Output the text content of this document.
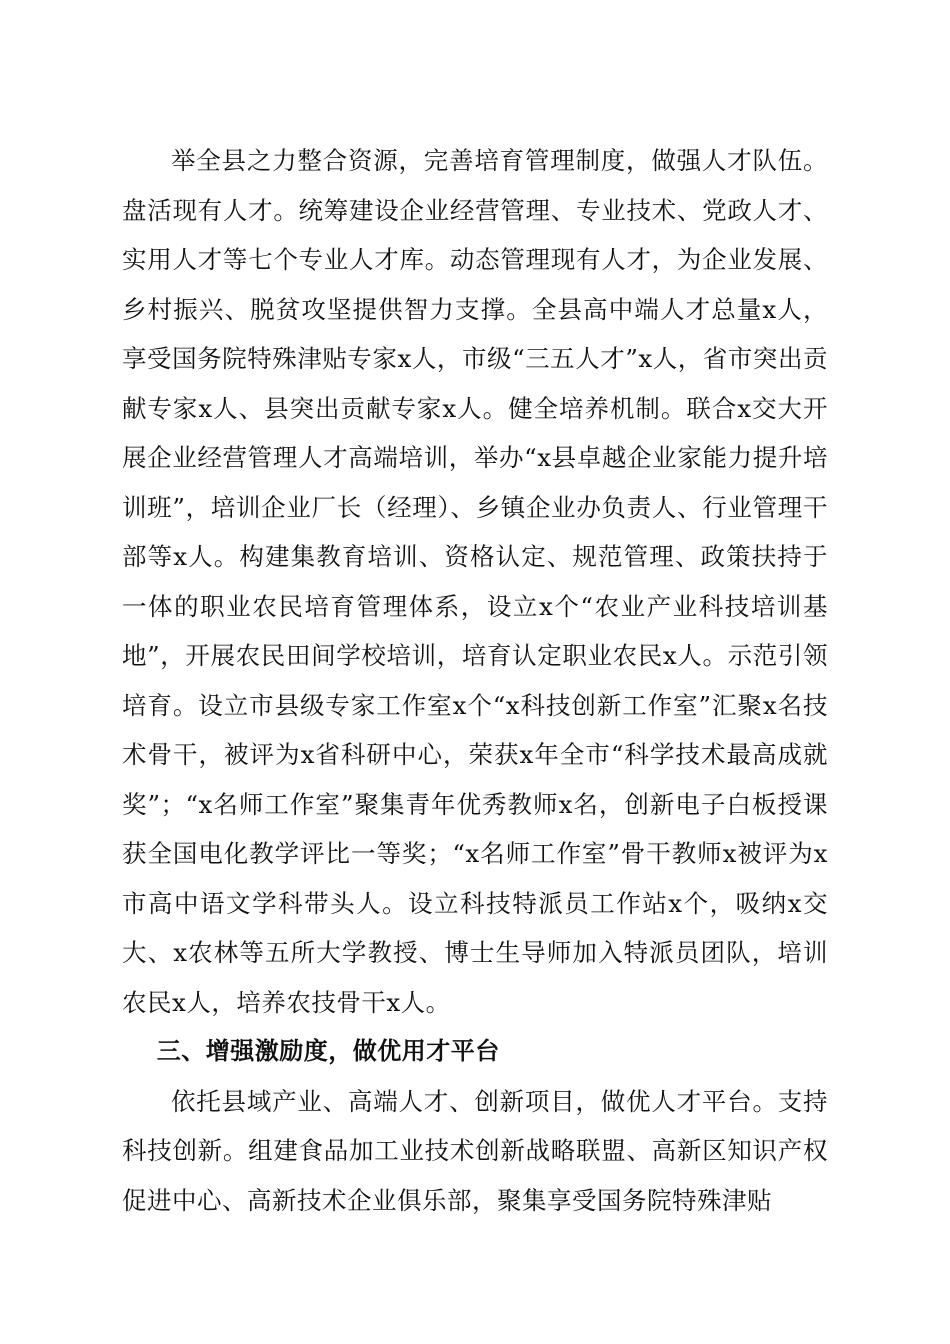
举全县之力整合资源，完善培育管理制度，做强人才队伍。盘活现有人才。统筹建设企业经营管理、专业技术、党政人才、实用人才等七个专业人才库。动态管理现有人才，为企业发展、乡村振兴、脱贫攻坚提供智力支撑。全县高中端人才总量x人，享受国务院特殊津贴专家x人，市级“三五人才”x人，省市突出贡献专家x人、县突出贡献专家x人。健全培养机制。联合x交大开展企业经营管理人才高端培训，举办“x县卓越企业家能力提升培训班”，培训企业厂长（经理）、乡镇企业办负责人、行业管理干部等x人。构建集教育培训、资格认定、规范管理、政策扶持于一体的职业农民培育管理体系，设立x个“农业产业科技培训基地”，开展农民田间学校培训，培育认定职业农民x人。示范引领培育。设立市县级专家工作室x个“x科技创新工作室”汇聚x名技术骨干，被评为x省科研中心，荣获x年全市“科学技术最高成就奖”；“x名师工作室”聚集青年优秀教师x名，创新电子白板授课获全国电化教学评比一等奖；“x名师工作室”骨干教师x被评为x市高中语文学科带头人。设立科技特派员工作站x个，吸纳x交大、x农林等五所大学教授、博士生导师加入特派员团队，培训农民x人，培养农技骨干x人。

三、增强激励度，做优用才平台

依托县域产业、高端人才、创新项目，做优人才平台。支持科技创新。组建食品加工业技术创新战略联盟、高新区知识产权促进中心、高新技术企业俱乐部，聚集享受国务院特殊津贴
